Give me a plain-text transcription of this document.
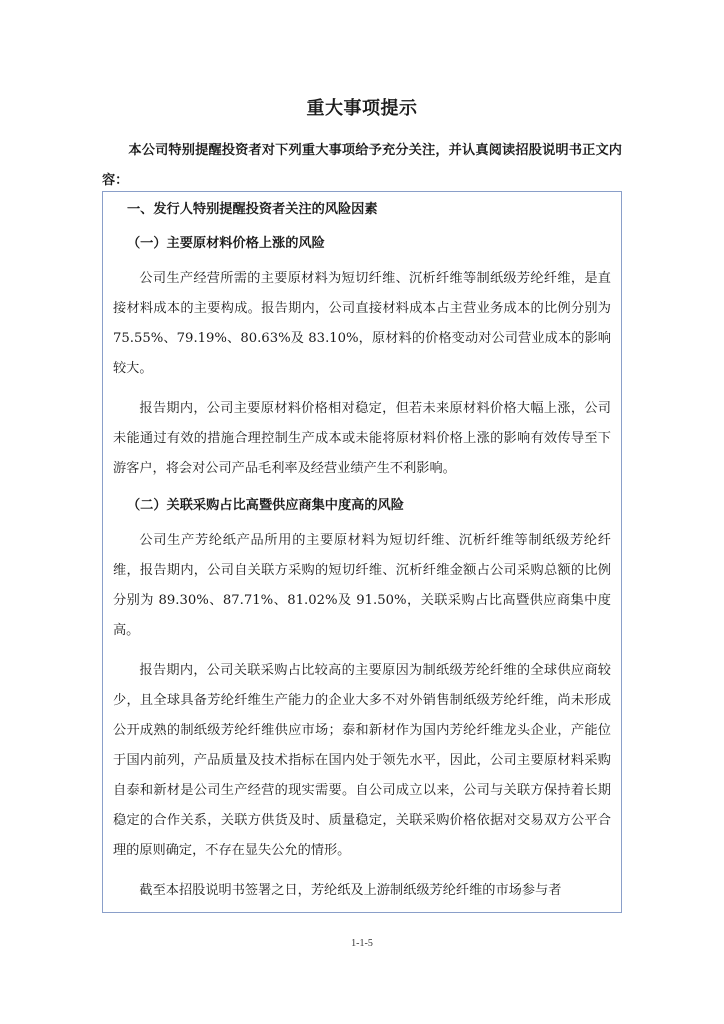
重大事项提示

本公司特别提醒投资者对下列重大事项给予充分关注，并认真阅读招股说明书正文内容：

一、发行人特别提醒投资者关注的风险因素
（一）主要原材料价格上涨的风险

公司生产经营所需的主要原材料为短切纤维、沉析纤维等制纸级芳纶纤维，是直接材料成本的主要构成。报告期内，公司直接材料成本占主营业务成本的比例分别为 75.55%、79.19%、80.63%及 83.10%，原材料的价格变动对公司营业成本的影响较大。

报告期内，公司主要原材料价格相对稳定，但若未来原材料价格大幅上涨，公司未能通过有效的措施合理控制生产成本或未能将原材料价格上涨的影响有效传导至下游客户，将会对公司产品毛利率及经营业绩产生不利影响。

（二）关联采购占比高暨供应商集中度高的风险

公司生产芳纶纸产品所用的主要原材料为短切纤维、沉析纤维等制纸级芳纶纤维，报告期内，公司自关联方采购的短切纤维、沉析纤维金额占公司采购总额的比例分别为 89.30%、87.71%、81.02%及 91.50%，关联采购占比高暨供应商集中度高。

报告期内，公司关联采购占比较高的主要原因为制纸级芳纶纤维的全球供应商较少，且全球具备芳纶纤维生产能力的企业大多不对外销售制纸级芳纶纤维，尚未形成公开成熟的制纸级芳纶纤维供应市场；泰和新材作为国内芳纶纤维龙头企业，产能位于国内前列，产品质量及技术指标在国内处于领先水平，因此，公司主要原材料采购自泰和新材是公司生产经营的现实需要。自公司成立以来，公司与关联方保持着长期稳定的合作关系，关联方供货及时、质量稳定，关联采购价格依据对交易双方公平合理的原则确定，不存在显失公允的情形。

截至本招股说明书签署之日，芳纶纸及上游制纸级芳纶纤维的市场参与者

1-1-5
